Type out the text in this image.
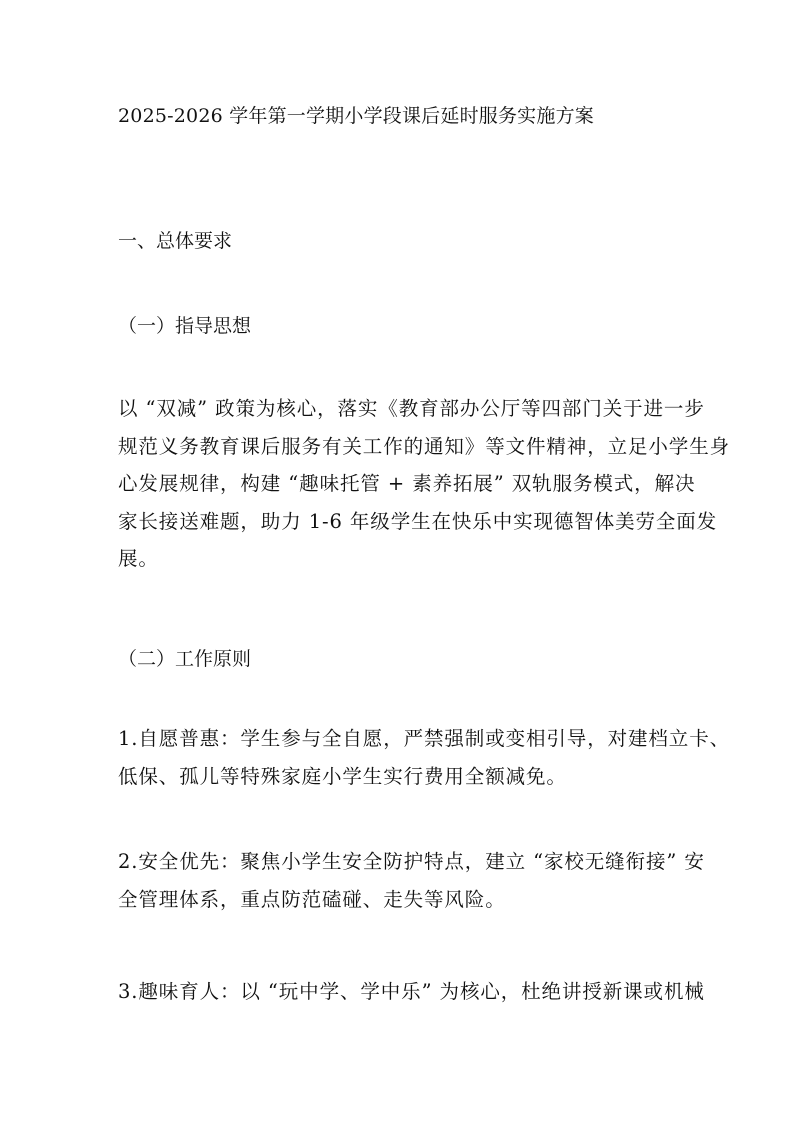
2025-2026 学年第一学期小学段课后延时服务实施方案
一、总体要求
（一）指导思想
以 “双减” 政策为核心，落实《教育部办公厅等四部门关于进一步
规范义务教育课后服务有关工作的通知》等文件精神，立足小学生身
心发展规律，构建 “趣味托管 + 素养拓展” 双轨服务模式，解决
家长接送难题，助力 1-6 年级学生在快乐中实现德智体美劳全面发
展。
（二）工作原则
1.自愿普惠：学生参与全自愿，严禁强制或变相引导，对建档立卡、
低保、孤儿等特殊家庭小学生实行费用全额减免。
2.安全优先：聚焦小学生安全防护特点，建立 “家校无缝衔接” 安
全管理体系，重点防范磕碰、走失等风险。
3.趣味育人：以 “玩中学、学中乐” 为核心，杜绝讲授新课或机械
